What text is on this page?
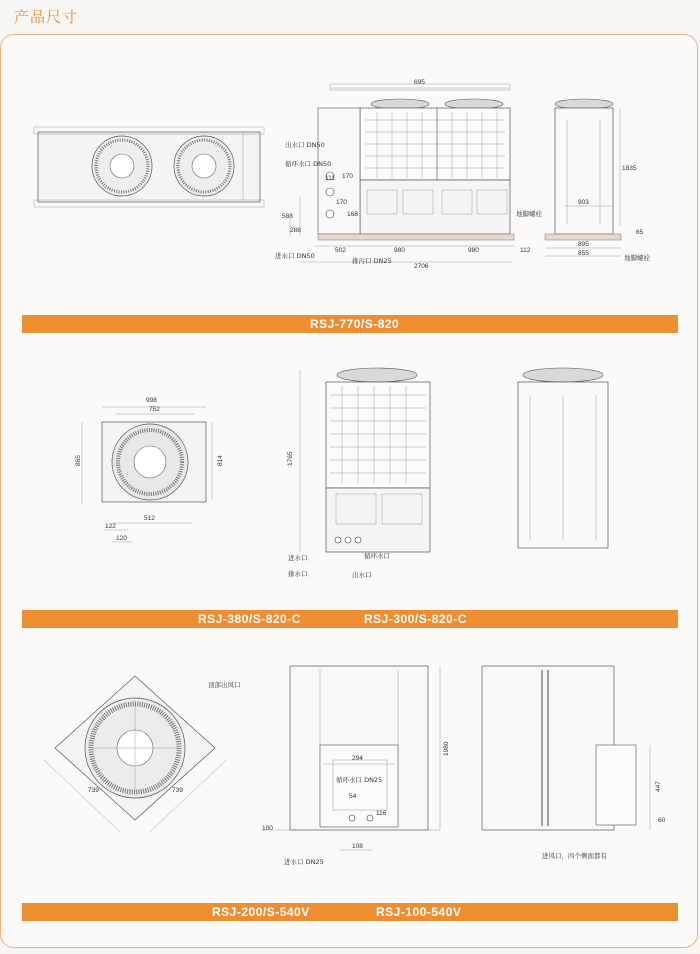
产品尺寸
695
502	980	980	112
2706
588
288
111 170
170
168
1835
903
895
855
65
出水口 DN50
循环水口 DN50
进水口 DN50
排污口 DN25
地脚螺栓
地脚螺栓
998
752
865	814
512
122
120
1765
进水口
排水口
循环水口
出水口
739	739
294
1980
54
116
100
108
447
60
顶部出风口
循环水口 DN25
进水口 DN25
进风口，四个侧面都有
RSJ-770/S-820
RSJ-380/S-820-C	RSJ-300/S-820-C
RSJ-200/S-540V	RSJ-100-540V
